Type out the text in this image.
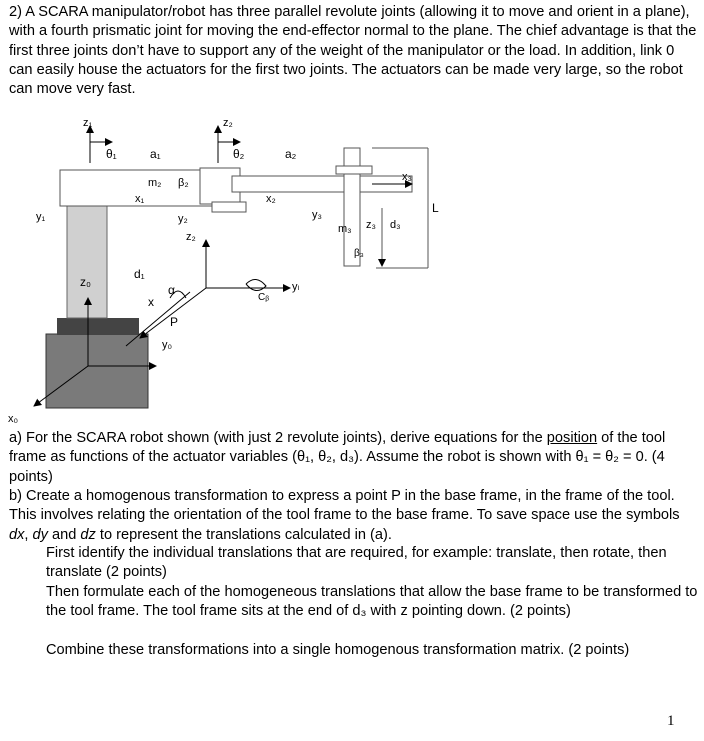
2) A SCARA manipulator/robot has three parallel revolute joints (allowing it to move and orient in a plane), with a fourth prismatic joint for moving the end-effector normal to the plane. The chief advantage is that the first three joints don’t have to support any of the weight of the manipulator or the load. In addition, link 0 can easily house the actuators for the first two joints. The actuators can be made very large, so the robot can move very fast.
z₁
θ₁	a₁
z₂
θ₂	a₂
x₃
L
x₁
y₁
x₂
y₂
z₂
m₂ β₂
y₃
m₃ z₃ d₃
β₃
z₀
d₁
x
α
P
y₀
Cᵦ
yₗ
x₀
a) For the SCARA robot shown (with just 2 revolute joints), derive equations for the position of the tool frame as functions of the actuator variables (θ₁, θ₂, d₃). Assume the robot is shown with θ₁ = θ₂ = 0. (4 points)
b) Create a homogenous transformation to express a point P in the base frame, in the frame of the tool. This involves relating the orientation of the tool frame to the base frame. To save space use the symbols dx, dy and dz to represent the translations calculated in (a).
First identify the individual translations that are required, for example: translate, then rotate, then translate (2 points)
Then formulate each of the homogeneous translations that allow the base frame to be transformed to the tool frame. The tool frame sits at the end of d₃ with z pointing down. (2 points)
Combine these transformations into a single homogenous transformation matrix. (2 points)
1
